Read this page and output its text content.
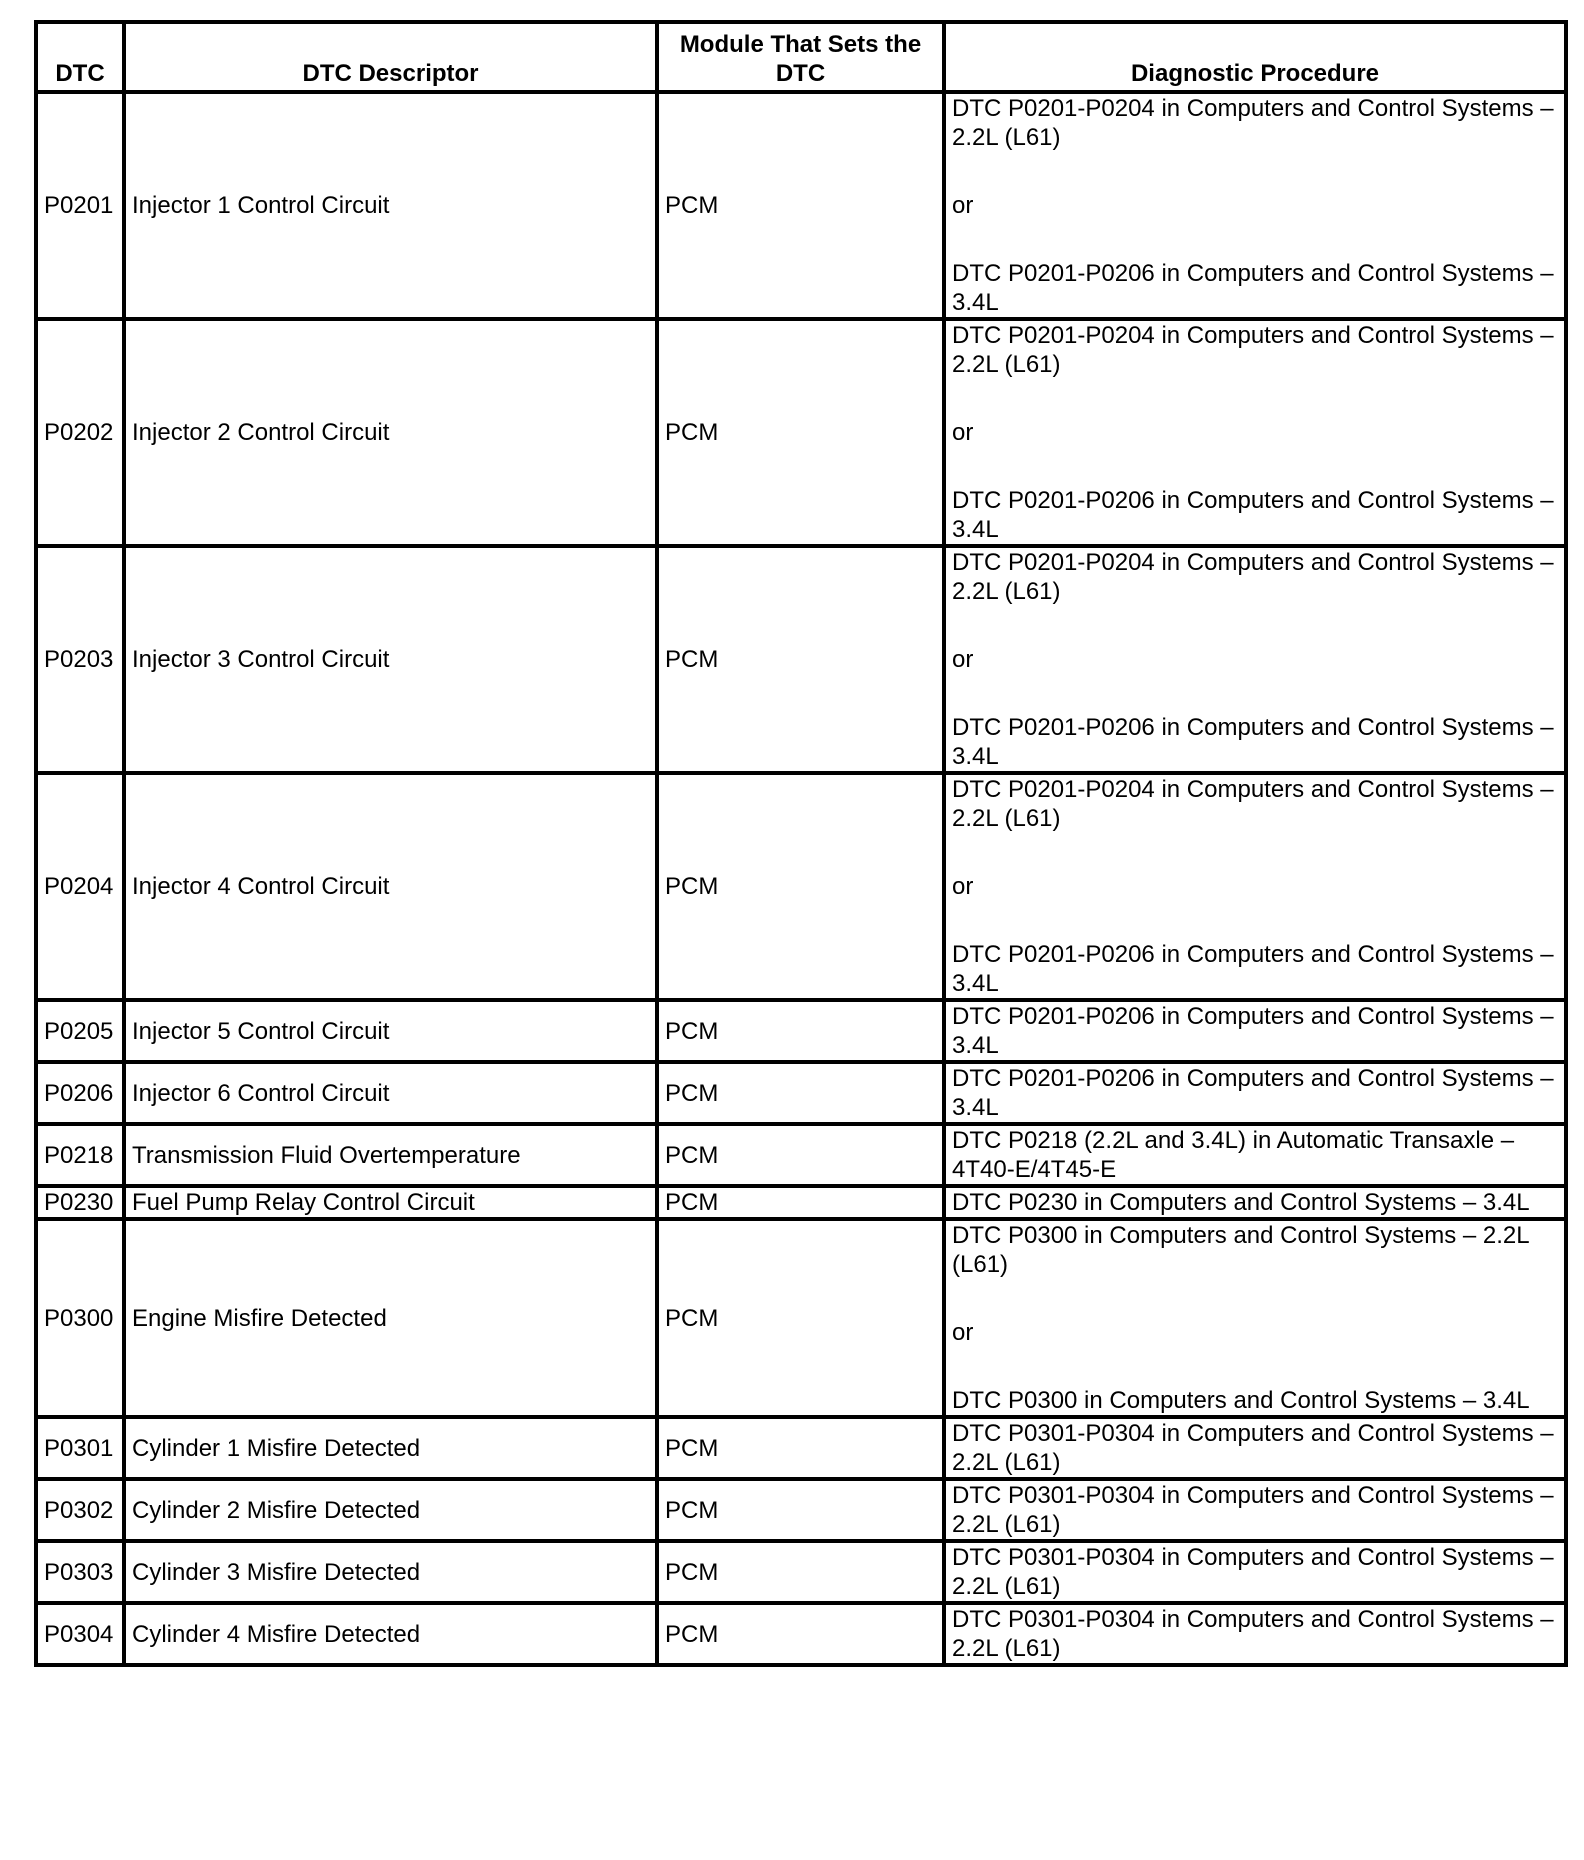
DTC	DTC Descriptor	Module That Sets the DTC	Diagnostic Procedure
P0201	Injector 1 Control Circuit	PCM	DTC P0201-P0204 in Computers and Control Systems – 2.2L (L61)
or
DTC P0201-P0206 in Computers and Control Systems – 3.4L

P0202	Injector 2 Control Circuit	PCM	DTC P0201-P0204 in Computers and Control Systems – 2.2L (L61)
or
DTC P0201-P0206 in Computers and Control Systems – 3.4L

P0203	Injector 3 Control Circuit	PCM	DTC P0201-P0204 in Computers and Control Systems – 2.2L (L61)
or
DTC P0201-P0206 in Computers and Control Systems – 3.4L

P0204	Injector 4 Control Circuit	PCM	DTC P0201-P0204 in Computers and Control Systems – 2.2L (L61)
or
DTC P0201-P0206 in Computers and Control Systems – 3.4L

P0205	Injector 5 Control Circuit	PCM	DTC P0201-P0206 in Computers and Control Systems – 3.4L

P0206	Injector 6 Control Circuit	PCM	DTC P0201-P0206 in Computers and Control Systems – 3.4L

P0218	Transmission Fluid Overtemperature	PCM	DTC P0218 (2.2L and 3.4L) in Automatic Transaxle – 4T40-E/4T45-E

P0230	Fuel Pump Relay Control Circuit	PCM	DTC P0230 in Computers and Control Systems – 3.4L

P0300	Engine Misfire Detected	PCM	DTC P0300 in Computers and Control Systems – 2.2L (L61)
or
DTC P0300 in Computers and Control Systems – 3.4L

P0301	Cylinder 1 Misfire Detected	PCM	DTC P0301-P0304 in Computers and Control Systems – 2.2L (L61)

P0302	Cylinder 2 Misfire Detected	PCM	DTC P0301-P0304 in Computers and Control Systems – 2.2L (L61)

P0303	Cylinder 3 Misfire Detected	PCM	DTC P0301-P0304 in Computers and Control Systems – 2.2L (L61)

P0304	Cylinder 4 Misfire Detected	PCM	DTC P0301-P0304 in Computers and Control Systems – 2.2L (L61)
